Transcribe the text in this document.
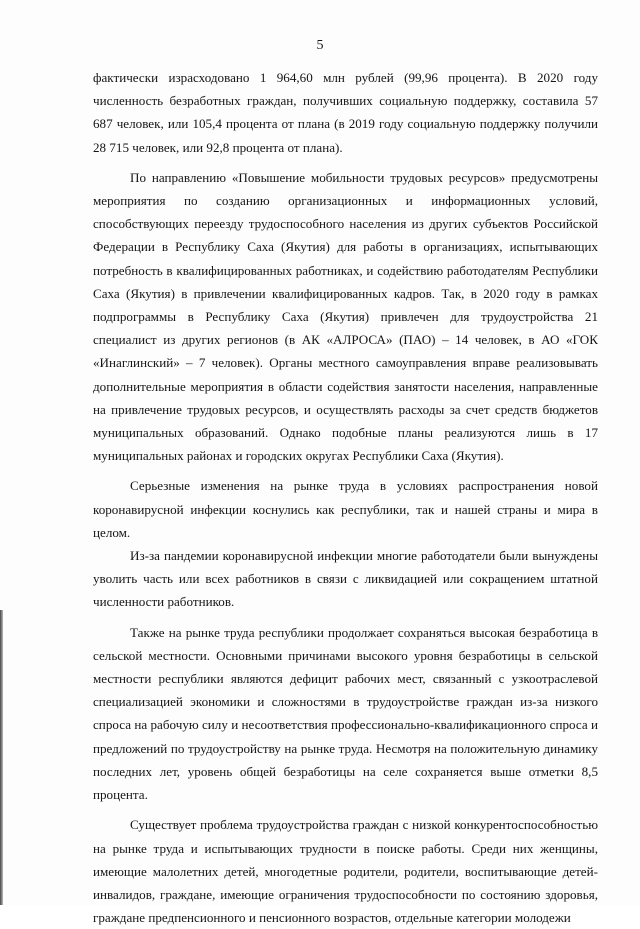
5

фактически израсходовано 1 964,60 млн рублей (99,96 процента). В 2020 году численность безработных граждан, получивших социальную поддержку, составила 57 687 человек, или 105,4 процента от плана (в 2019 году социальную поддержку получили 28 715 человек, или 92,8 процента от плана).

По направлению «Повышение мобильности трудовых ресурсов» предусмотрены мероприятия по созданию организационных и информационных условий, способствующих переезду трудоспособного населения из других субъектов Российской Федерации в Республику Саха (Якутия) для работы в организациях, испытывающих потребность в квалифицированных работниках, и содействию работодателям Республики Саха (Якутия) в привлечении квалифицированных кадров. Так, в 2020 году в рамках подпрограммы в Республику Саха (Якутия) привлечен для трудоустройства 21 специалист из других регионов (в АК «АЛРОСА» (ПАО) – 14 человек, в АО «ГОК «Инаглинский» – 7 человек). Органы местного самоуправления вправе реализовывать дополнительные мероприятия в области содействия занятости населения, направленные на привлечение трудовых ресурсов, и осуществлять расходы за счет средств бюджетов муниципальных образований. Однако подобные планы реализуются лишь в 17 муниципальных районах и городских округах Республики Саха (Якутия).

Серьезные изменения на рынке труда в условиях распространения новой коронавирусной инфекции коснулись как республики, так и нашей страны и мира в целом.

Из-за пандемии коронавирусной инфекции многие работодатели были вынуждены уволить часть или всех работников в связи с ликвидацией или сокращением штатной численности работников.

Также на рынке труда республики продолжает сохраняться высокая безработица в сельской местности. Основными причинами высокого уровня безработицы в сельской местности республики являются дефицит рабочих мест, связанный с узкоотраслевой специализацией экономики и сложностями в трудоустройстве граждан из-за низкого спроса на рабочую силу и несоответствия профессионально-квалификационного спроса и предложений по трудоустройству на рынке труда. Несмотря на положительную динамику последних лет, уровень общей безработицы на селе сохраняется выше отметки 8,5 процента.

Существует проблема трудоустройства граждан с низкой конкурентоспособностью на рынке труда и испытывающих трудности в поиске работы. Среди них женщины, имеющие малолетних детей, многодетные родители, родители, воспитывающие детей-инвалидов, граждане, имеющие ограничения трудоспособности по состоянию здоровья, граждане предпенсионного и пенсионного возрастов, отдельные категории молодежи
